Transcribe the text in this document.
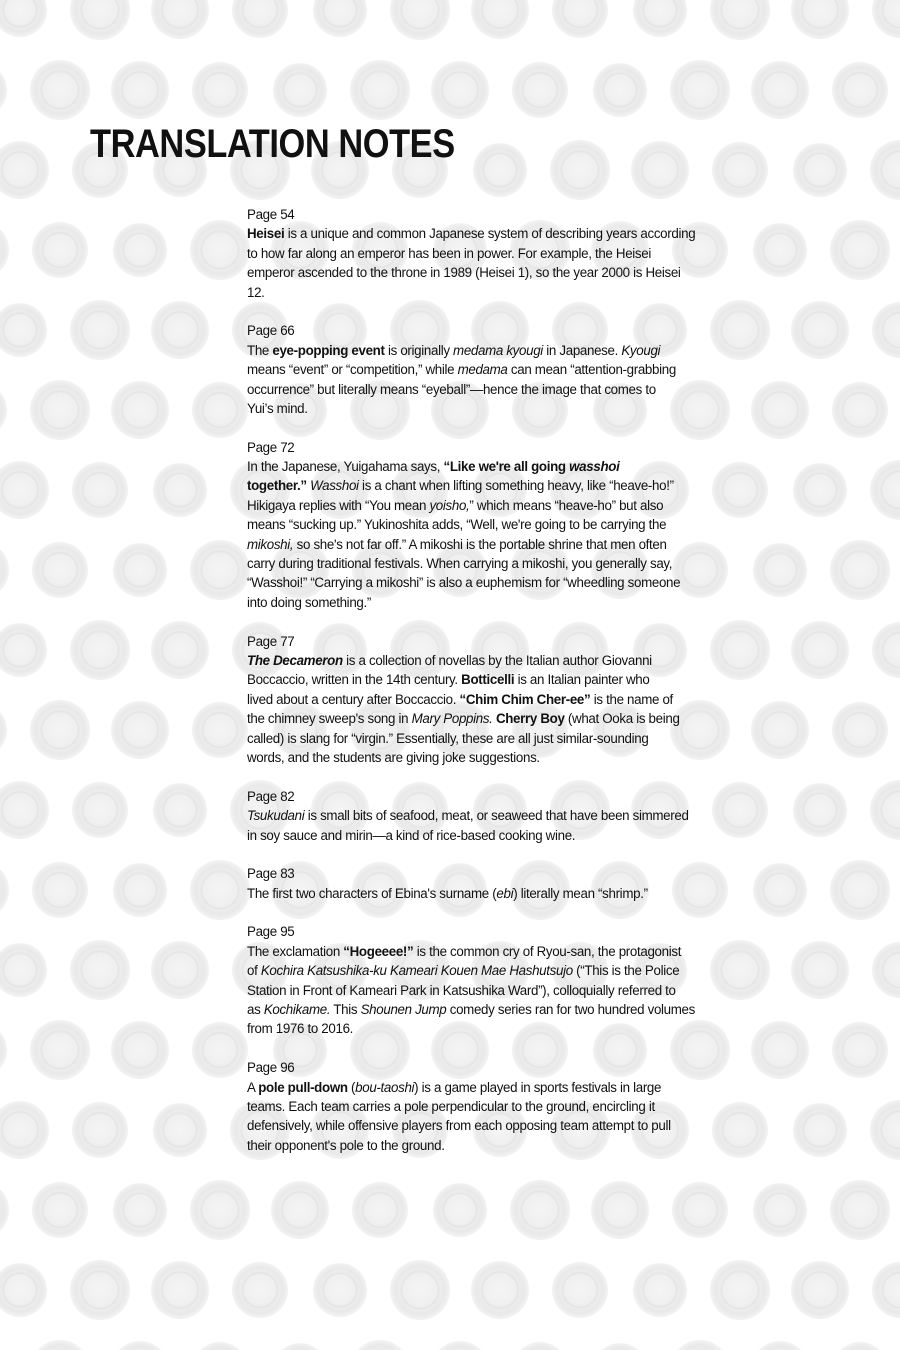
TRANSLATION NOTES
Page 54
Heisei is a unique and common Japanese system of describing years according
to how far along an emperor has been in power. For example, the Heisei
emperor ascended to the throne in 1989 (Heisei 1), so the year 2000 is Heisei
12.
Page 66
The eye-popping event is originally medama kyougi in Japanese. Kyougi
means “event” or “competition,” while medama can mean “attention-grabbing
occurrence” but literally means “eyeball”—hence the image that comes to
Yui’s mind.
Page 72
In the Japanese, Yuigahama says, “Like we're all going wasshoi
together.” Wasshoi is a chant when lifting something heavy, like “heave-ho!”
Hikigaya replies with “You mean yoisho,” which means “heave-ho” but also
means “sucking up.” Yukinoshita adds, “Well, we're going to be carrying the
mikoshi, so she's not far off.” A mikoshi is the portable shrine that men often
carry during traditional festivals. When carrying a mikoshi, you generally say,
“Wasshoi!” “Carrying a mikoshi” is also a euphemism for “wheedling someone
into doing something.”
Page 77
The Decameron is a collection of novellas by the Italian author Giovanni
Boccaccio, written in the 14th century. Botticelli is an Italian painter who
lived about a century after Boccaccio. “Chim Chim Cher-ee” is the name of
the chimney sweep's song in Mary Poppins. Cherry Boy (what Ooka is being
called) is slang for “virgin.” Essentially, these are all just similar-sounding
words, and the students are giving joke suggestions.
Page 82
Tsukudani is small bits of seafood, meat, or seaweed that have been simmered
in soy sauce and mirin—a kind of rice-based cooking wine.
Page 83
The first two characters of Ebina's surname (ebi) literally mean “shrimp.”
Page 95
The exclamation “Hogeeee!” is the common cry of Ryou-san, the protagonist
of Kochira Katsushika-ku Kameari Kouen Mae Hashutsujo (“This is the Police
Station in Front of Kameari Park in Katsushika Ward”), colloquially referred to
as Kochikame. This Shounen Jump comedy series ran for two hundred volumes
from 1976 to 2016.
Page 96
A pole pull-down (bou-taoshi) is a game played in sports festivals in large
teams. Each team carries a pole perpendicular to the ground, encircling it
defensively, while offensive players from each opposing team attempt to pull
their opponent's pole to the ground.
